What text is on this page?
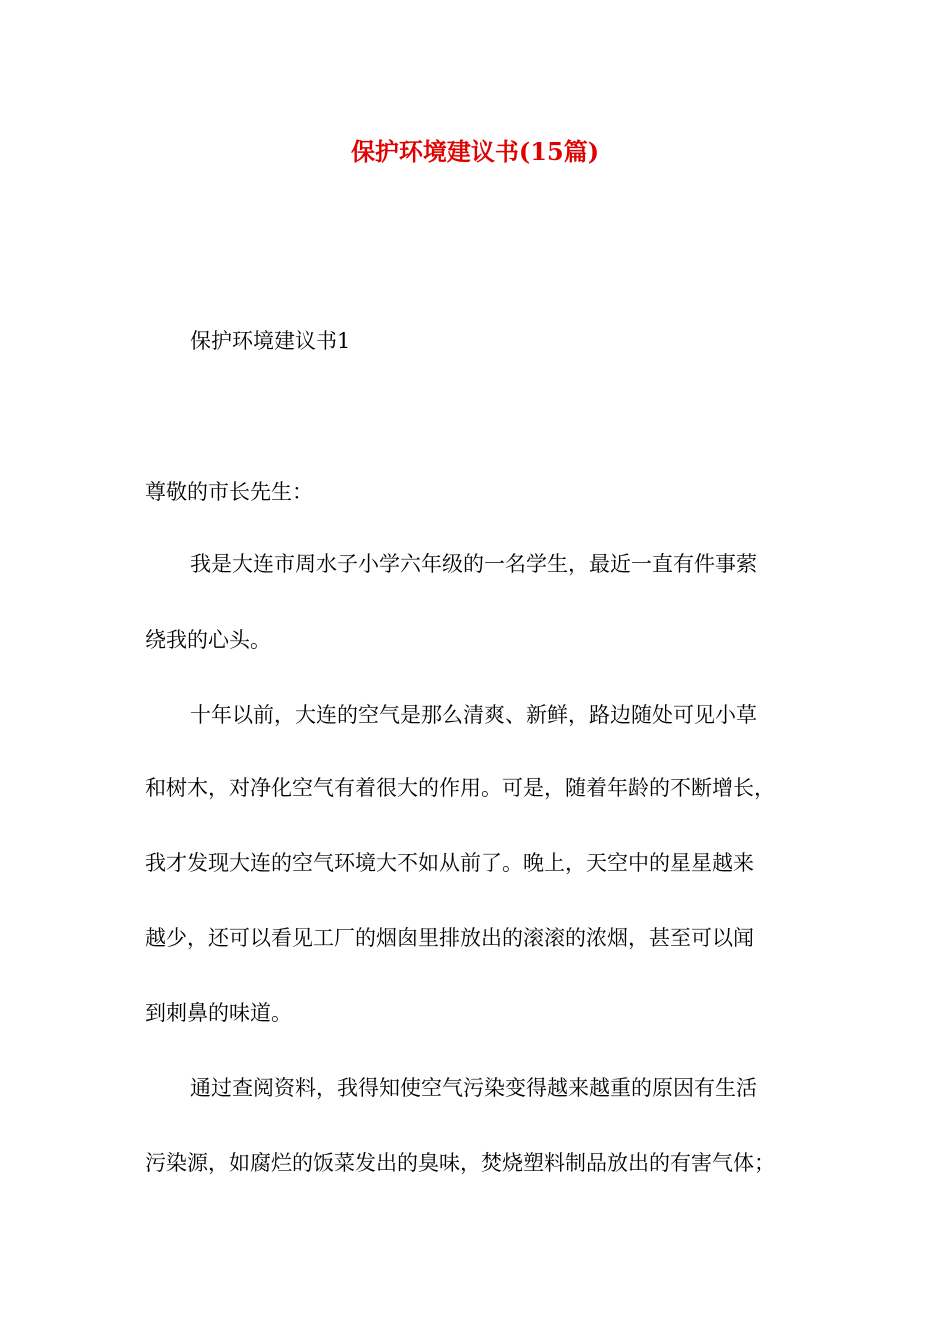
保护环境建议书(15篇)
保护环境建议书1
尊敬的市长先生：
我是大连市周水子小学六年级的一名学生，最近一直有件事萦
绕我的心头。
十年以前，大连的空气是那么清爽、新鲜，路边随处可见小草
和树木，对净化空气有着很大的作用。可是，随着年龄的不断增长，
我才发现大连的空气环境大不如从前了。晚上，天空中的星星越来
越少，还可以看见工厂的烟囱里排放出的滚滚的浓烟，甚至可以闻
到刺鼻的味道。
通过查阅资料，我得知使空气污染变得越来越重的原因有生活
污染源，如腐烂的饭菜发出的臭味，焚烧塑料制品放出的有害气体；
